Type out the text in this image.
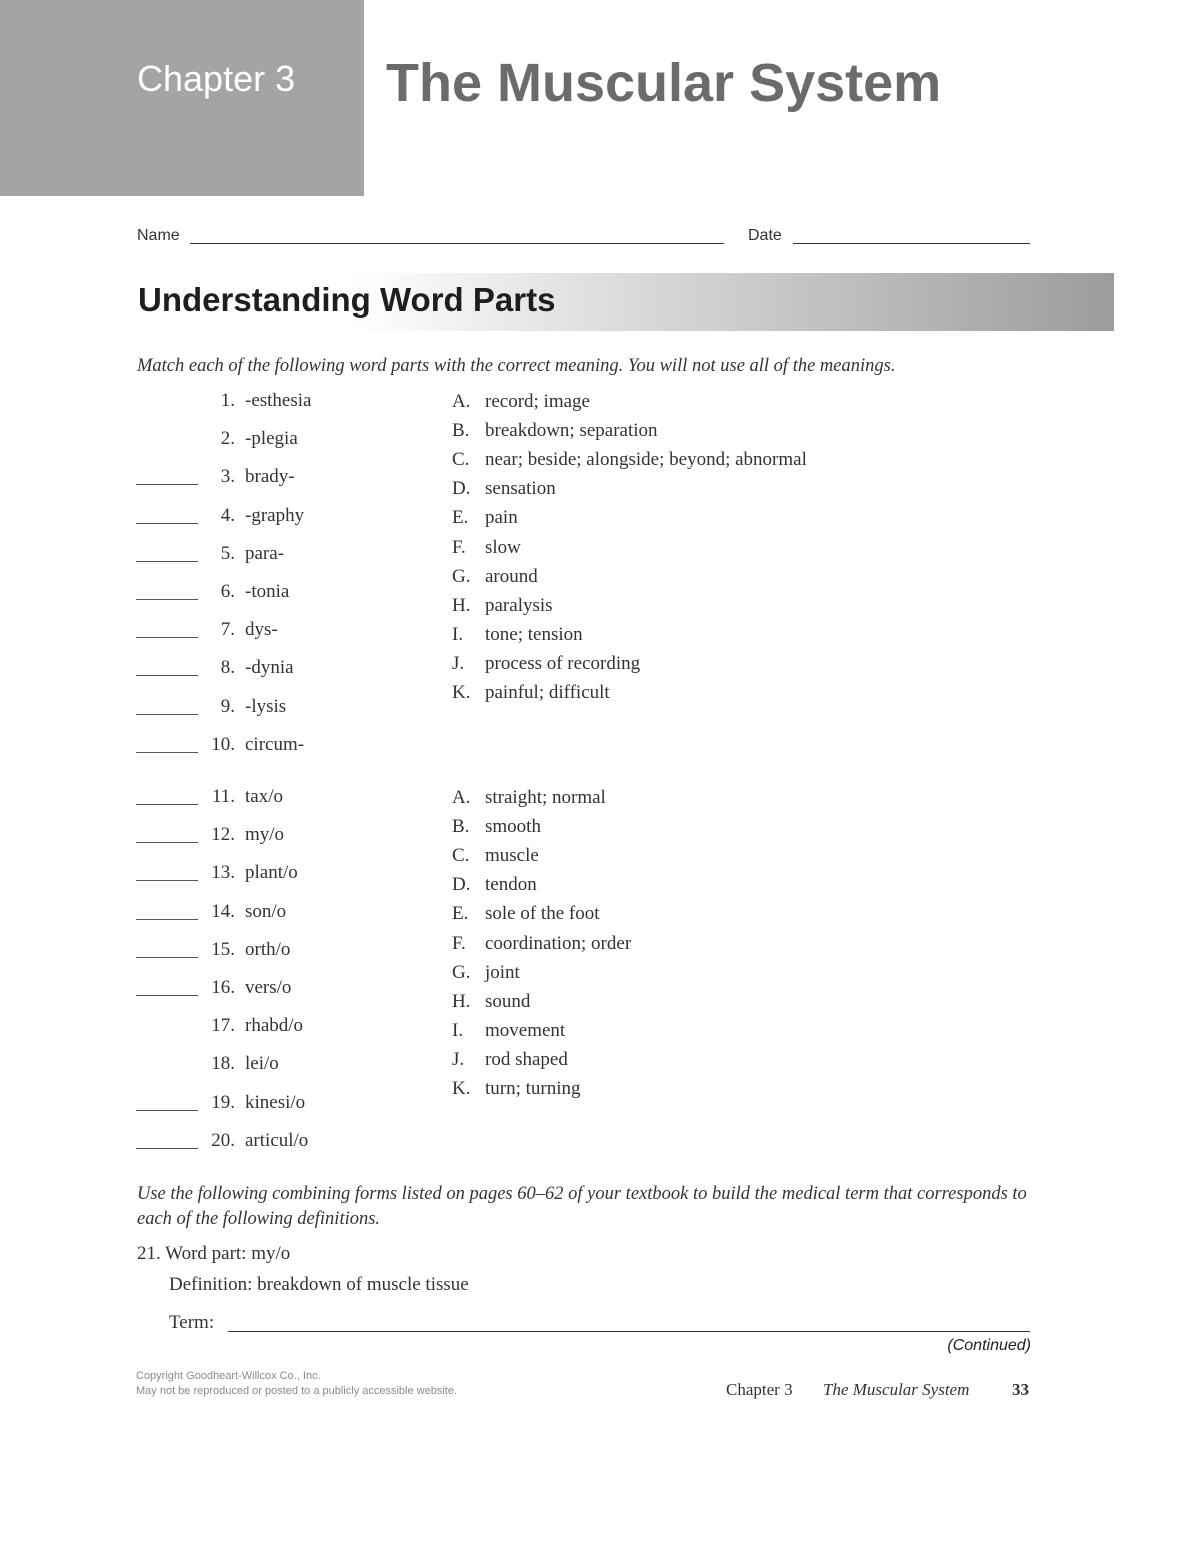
Chapter 3 The Muscular System
Name	Date
Understanding Word Parts
Match each of the following word parts with the correct meaning. You will not use all of the meanings.
1. -esthesia
2. -plegia
3. brady-
4. -graphy
5. para-
6. -tonia
7. dys-
8. -dynia
9. -lysis
10. circum-
A. record; image
B. breakdown; separation
C. near; beside; alongside; beyond; abnormal
D. sensation
E. pain
F.	slow
G. around
H. paralysis
I.	tone; tension
J.	process of recording
K. painful; difficult
11. tax/o
12. my/o
13. plant/o
14. son/o
15. orth/o
16. vers/o
17. rhabd/o
18. lei/o
19. kinesi/o
20. articul/o
A. straight; normal
B. smooth
C. muscle
D. tendon
E. sole of the foot
F.	coordination; order
G. joint
H. sound
I.	movement
J.	rod shaped
K. turn; turning
Use the following combining forms listed on pages 60–62 of your textbook to build the medical term that corresponds to each of the following definitions.
21. Word part: my/o
Definition: breakdown of muscle tissue
Term:
(Continued)
Copyright Goodheart-Willcox Co., Inc.
May not be reproduced or posted to a publicly accessible website.	Chapter 3 The Muscular System	33
